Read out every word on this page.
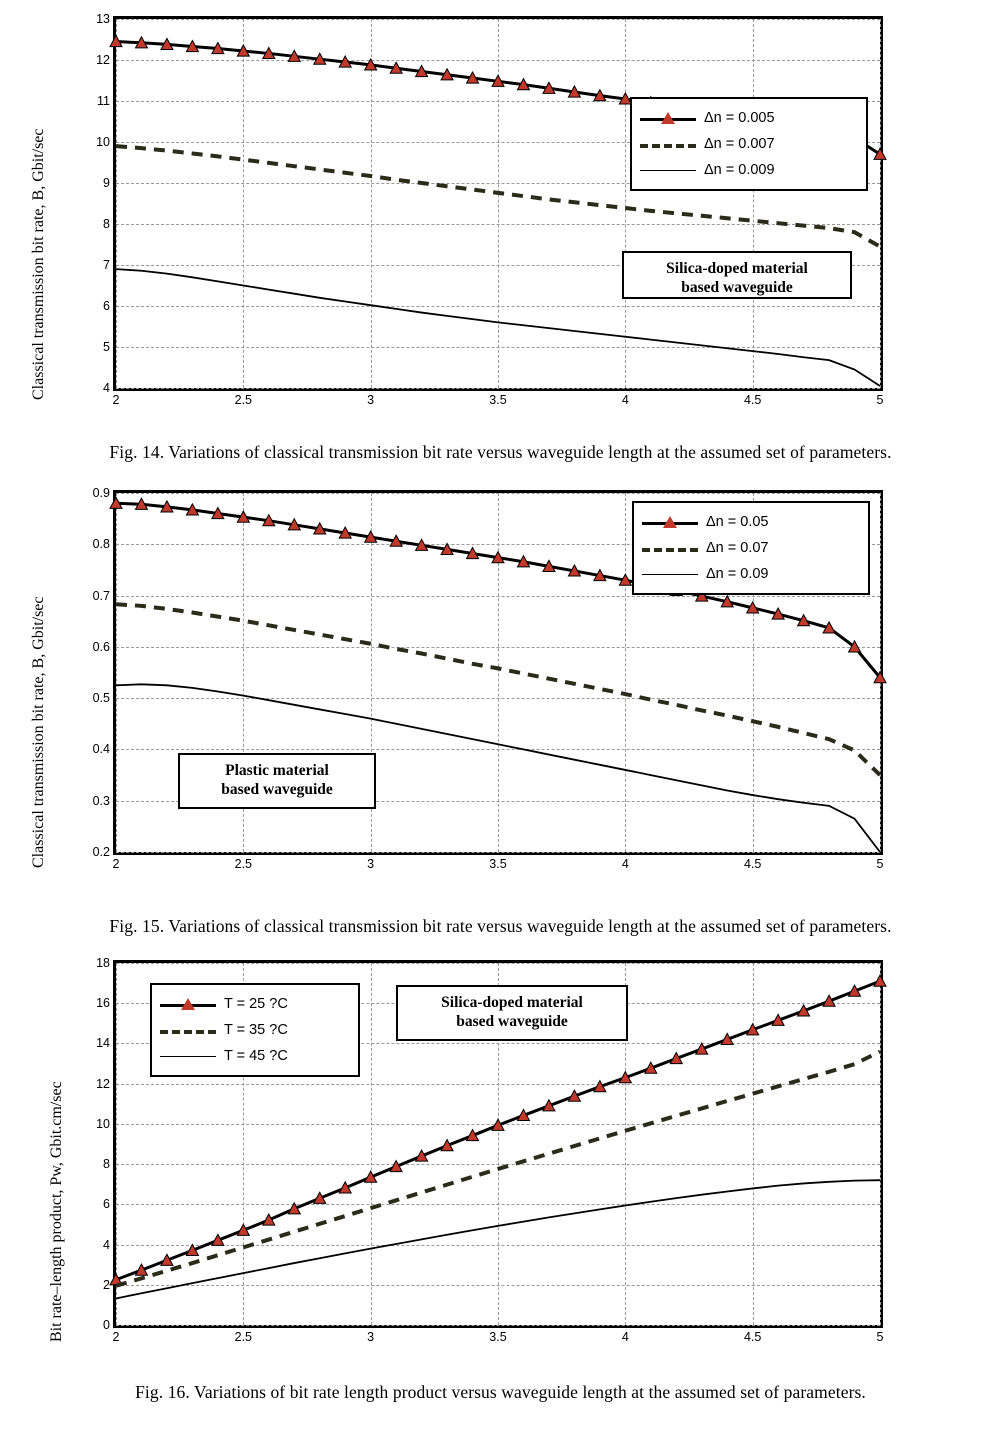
Classical transmission bit rate, B, Gbit/sec	4
5
6
7
8
9
10
11
12
13
2	2.5	3	3.5	4	4.5	5
Δn = 0.005
Δn = 0.007
Δn = 0.009
Silica-doped material
based waveguide
Fig. 14. Variations of classical transmission bit rate versus waveguide length at the assumed set of parameters.
Classical transmission bit rate, B, Gbit/sec	0.2
0.3
0.4
0.5
0.6
0.7
0.8
0.9
2	2.5	3	3.5	4	4.5	5
Δn = 0.05
Δn = 0.07
Δn = 0.09
Plastic material
based waveguide
Fig. 15. Variations of classical transmission bit rate versus waveguide length at the assumed set of parameters.
Bit rate–length product, Pw, Gbit.cm/sec	0
2
4
6
8
10
12
14
16
18
2	2.5	3	3.5	4	4.5	5
T = 25 ?C
T = 35 ?C
T = 45 ?C
Silica-doped material
based waveguide
Fig. 16. Variations of bit rate length product versus waveguide length at the assumed set of parameters.
